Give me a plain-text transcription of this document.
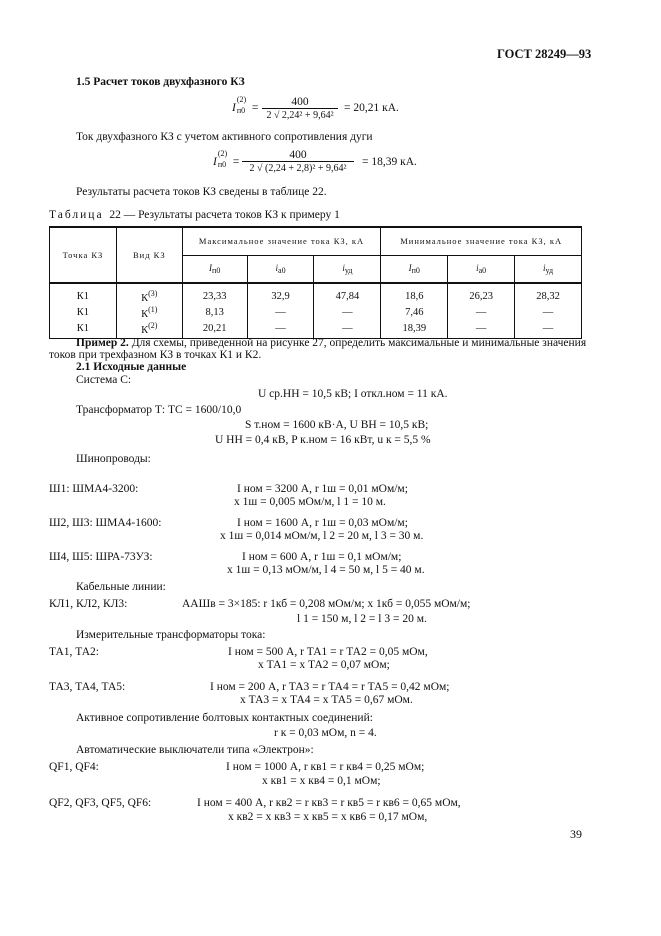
ГОСТ 28249—93
1.5 Расчет токов двухфазного КЗ
I
(2)
п0 =	400
2 √ 2,24² + 9,64²
= 20,21 кА.
Ток двухфазного КЗ с учетом активного сопротивления дуги
I
(2)
п0 =
400
2 √ (2,24 + 2,8)² + 9,64²
= 18,39 кА.
Результаты расчета токов КЗ сведены в таблице 22.
Таблица 22 — Результаты расчета токов КЗ к примеру 1
Точка КЗ	Вид КЗ	Максимальное значение тока КЗ, кА			Минимальное значение тока КЗ, кА		
		$I_{п0}$	$i_{а0}$	$i_{уд}$	$I_{п0}$	$i_{а0}$	$i_{уд}$
К1	$К^{(3)}$	23,33	32,9	47,84	18,6	26,23	28,32
К1	$К^{(1)}$	8,13	—	—	7,46	—	—
К1	$К^{(2)}$	20,21	—	—	18,39	—	—
Пример 2. Для схемы, приведенной на рисунке 27, определить максимальные и минимальные значения
токов при трехфазном КЗ в точках К1 и К2.
2.1 Исходные данные
Система С:
U ср.НН = 10,5 кВ; I откл.ном = 11 кА.
Трансформатор Т: ТС = 1600/10,0
S т.ном = 1600 кВ·А, U ВН = 10,5 кВ;
U НН = 0,4 кВ, P к.ном = 16 кВт, u к = 5,5 %
Шинопроводы:
Ш1: ШМА4-3200:	I ном = 3200 А, r 1ш = 0,01 мОм/м;
x 1ш = 0,005 мОм/м, l 1 = 10 м.
Ш2, Ш3: ШМА4-1600:	I ном = 1600 А, r 1ш = 0,03 мОм/м;
x 1ш = 0,014 мОм/м, l 2 = 20 м, l 3 = 30 м.
Ш4, Ш5: ШРА-73УЗ:	I ном = 600 А, r 1ш = 0,1 мОм/м;
x 1ш = 0,13 мОм/м, l 4 = 50 м, l 5 = 40 м.
Кабельные линии:
КЛ1, КЛ2, КЛ3:	ААШв = 3×185: r 1кб = 0,208 мОм/м; x 1кб = 0,055 мОм/м;
l 1 = 150 м, l 2 = l 3 = 20 м.
Измерительные трансформаторы тока:
ТА1, ТА2:	I ном = 500 А, r ТА1 = r ТА2 = 0,05 мОм,
x ТА1 = x ТА2 = 0,07 мОм;
ТА3, ТА4, ТА5:	I ном = 200 А, r ТА3 = r ТА4 = r ТА5 = 0,42 мОм;
x ТА3 = x ТА4 = x ТА5 = 0,67 мОм.
Активное сопротивление болтовых контактных соединений:
r к = 0,03 мОм, n = 4.
Автоматические выключатели типа «Электрон»:
QF1, QF4:	I ном = 1000 А, r кв1 = r кв4 = 0,25 мОм;
x кв1 = x кв4 = 0,1 мОм;
QF2, QF3, QF5, QF6:	I ном = 400 А, r кв2 = r кв3 = r кв5 = r кв6 = 0,65 мОм,
x кв2 = x кв3 = x кв5 = x кв6 = 0,17 мОм,
39
